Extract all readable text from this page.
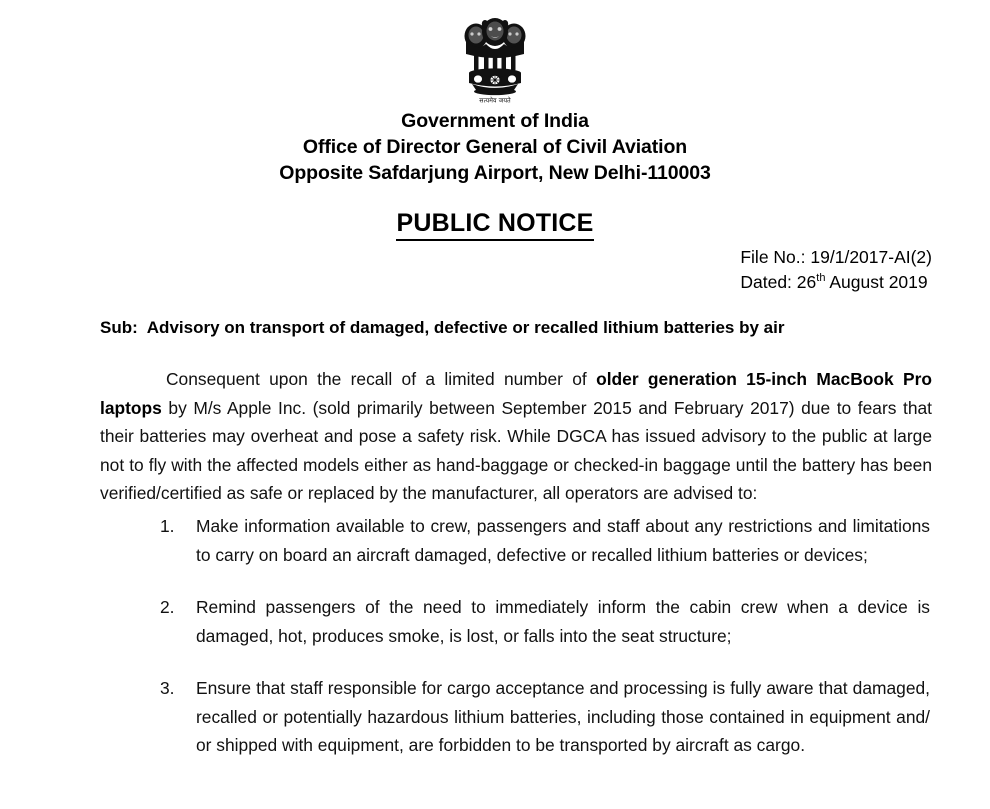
सत्यमेव जयते
Government of India
Office of Director General of Civil Aviation
Opposite Safdarjung Airport, New Delhi-110003
PUBLIC NOTICE
File No.: 19/1/2017-AI(2)
Dated: 26th August 2019
Sub: Advisory on transport of damaged, defective or recalled lithium batteries by air
Consequent upon the recall of a limited number of older generation 15-inch MacBook Pro laptops by M/s Apple Inc. (sold primarily between September 2015 and February 2017) due to fears that their batteries may overheat and pose a safety risk. While DGCA has issued advisory to the public at large not to fly with the affected models either as hand-baggage or checked-in baggage until the battery has been verified/certified as safe or replaced by the manufacturer, all operators are advised to:
1.	Make information available to crew, passengers and staff about any restrictions and limitations to carry on board an aircraft damaged, defective or recalled lithium batteries or devices;
2.	Remind passengers of the need to immediately inform the cabin crew when a device is damaged, hot, produces smoke, is lost, or falls into the seat structure;
3.	Ensure that staff responsible for cargo acceptance and processing is fully aware that damaged, recalled or potentially hazardous lithium batteries, including those contained in equipment and/ or shipped with equipment, are forbidden to be transported by aircraft as cargo.
